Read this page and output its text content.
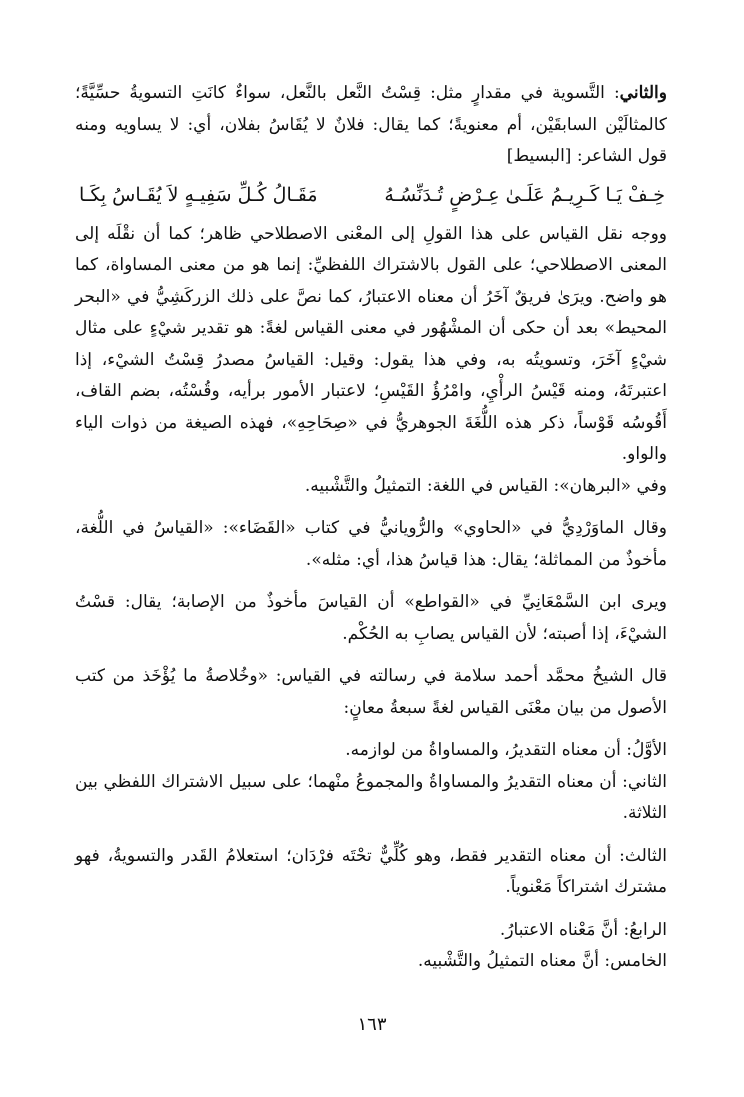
والثاني: التَّسوية في مقدارٍ مثل: قِسْتُ النَّعل بالنَّعل، سواءٌ كانَتِ التسويةُ حسِّيَّةً؛ كالمثالَيْن السابقَيْن، أم معنويةً؛ كما يقال: فلانٌ لا يُقَاسُ بفلان، أي: لا يساويه ومنه قول الشاعر: [البسيط]

خِـفْ يَـا كَـرِيـمُ عَلَـىٰ عِـرْضٍ تُـدَنِّسُـهُ
مَقَـالُ كُـلِّ سَفِيـهٍ لاَ يُقَـاسُ بِكَـا

ووجه نقل القياس على هذا القولِ إلى المعْنى الاصطلاحي ظاهر؛ كما أن نقْلَه إلى المعنى الاصطلاحي؛ على القول بالاشتراك اللفظيِّ: إنما هو من معنى المساواة، كما هو واضح. ويرَىٰ فريقٌ آخَرُ أن معناه الاعتبارُ، كما نصَّ على ذلك الزركَشِيُّ في «البحر المحيط» بعد أن حكى أن المشْهُور في معنى القياس لغةً: هو تقدير شيْءٍ على مثال شيْءٍ آخَرَ، وتسويتُه به، وفي هذا يقول: وقيل: القياسُ مصدرُ قِسْتُ الشيْء، إذا اعتبرتَهُ، ومنه قَيْسُ الرأْيِ، وامْرُؤُ القَيْسِ؛ لاعتبار الأمور برأيه، وقُسْتُه، بضم القاف، أَقُوسُه قَوْساً، ذكر هذه اللُّغَةَ الجوهريُّ في «صِحَاحِهِ»، فهذه الصيغة من ذوات الياء والواو.

وفي «البرهان»: القياس في اللغة: التمثيلُ والتَّشْبيه.

وقال الماوَرْدِيُّ في «الحاوي» والرُّويانيُّ في كتاب «القَضَاء»: «القياسُ في اللُّغة، مأخوذٌ من المماثلة؛ يقال: هذا قياسُ هذا، أي: مثله».

ويرى ابن السَّمْعَانِيِّ في «القواطع» أن القياسَ مأخوذٌ من الإصابة؛ يقال: قسْتُ الشيْءَ، إذا أصبته؛ لأن القياس يصابِ به الحُكْم.

قال الشيخُ محمَّد أحمد سلامة في رسالته في القياس: «وخُلاصةُ ما يُؤْخَذ من كتب الأصول من بيان معْنَى القياس لغةً سبعةُ معانٍ:

الأوَّلُ: أن معناه التقديرُ، والمساواةُ من لوازمه.

الثاني: أن معناه التقديرُ والمساواةُ والمجموعُ منْهما؛ على سبيل الاشتراك اللفظي بين الثلاثة.

الثالث: أن معناه التقدير فقط، وهو كُلِّيٌّ تحْتَه فرْدَان؛ استعلامُ القَدر والتسويةُ، فهو مشترك اشتراكاً مَعْنوياً.

الرابعُ: أنَّ مَعْناه الاعتبارُ.

الخامس: أنَّ معناه التمثيلُ والتَّشْبيه.

١٦٣
